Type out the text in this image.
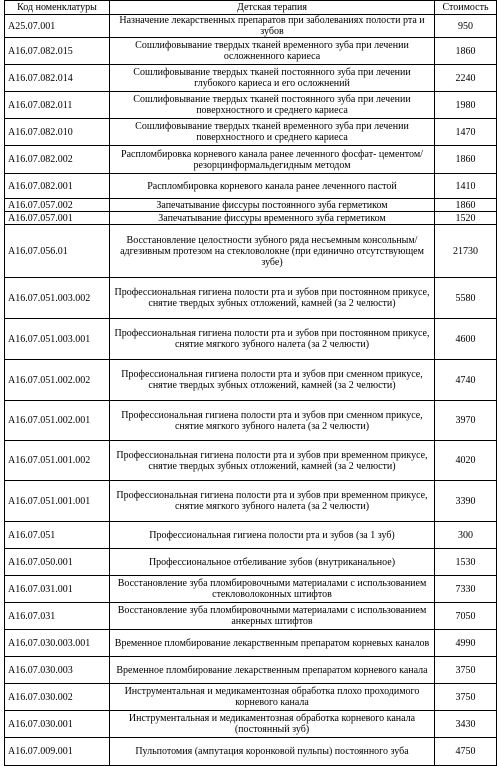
Код номенклатуры	Детская терапия	Стоимость
A25.07.001	Назначение лекарственных препаратов при заболеваниях полости рта и зубов	950
A16.07.082.015	Сошлифовывание твердых тканей временного зуба при лечении осложненного кариеса	1860
A16.07.082.014	Сошлифовывание твердых тканей постоянного зуба при лечении глубокого кариеса и его осложнений	2240
A16.07.082.011	Сошлифовывание твердых тканей постоянного зуба при лечении поверхностного и среднего кариеса	1980
A16.07.082.010	Сошлифовывание твердых тканей временного зуба при лечении поверхностного и среднего кариеса	1470
A16.07.082.002	Распломбировка корневого канала ранее леченного фосфат- цементом/ резорцинформальдегидным методом	1860
A16.07.082.001	Распломбировка корневого канала ранее леченного пастой	1410
A16.07.057.002	Запечатывание фиссуры постоянного зуба герметиком	1860
A16.07.057.001	Запечатывание фиссуры временного зуба герметиком	1520
A16.07.056.01	Восстановление целостности зубного ряда несъемным консольным/адгезивным протезом на стекловолокне (при единично отсутствующем зубе)	21730
A16.07.051.003.002	Профессиональная гигиена полости рта и зубов при постоянном прикусе, снятие твердых зубных отложений, камней (за 2 челюсти)	5580
A16.07.051.003.001	Профессиональная гигиена полости рта и зубов при постоянном прикусе, снятие мягкого зубного налета (за 2 челюсти)	4600
A16.07.051.002.002	Профессиональная гигиена полости рта и зубов при сменном прикусе, снятие твердых зубных отложений, камней (за 2 челюсти)	4740
A16.07.051.002.001	Профессиональная гигиена полости рта и зубов при сменном прикусе, снятие мягкого зубного налета (за 2 челюсти)	3970
A16.07.051.001.002	Профессиональная гигиена полости рта и зубов при временном прикусе, снятие твердых зубных отложений, камней (за 2 челюсти)	4020
A16.07.051.001.001	Профессиональная гигиена полости рта и зубов при временном прикусе, снятие мягкого зубного налета (за 2 челюсти)	3390
A16.07.051	Профессиональная гигиена полости рта и зубов (за 1 зуб)	300
A16.07.050.001	Профессиональное отбеливание зубов (внутриканальное)	1530
A16.07.031.001	Восстановление зуба пломбировочными материалами с использованием стекловолоконных штифтов	7330
A16.07.031	Восстановление зуба пломбировочными материалами с использованием анкерных штифтов	7050
A16.07.030.003.001	Временное пломбирование лекарственным препаратом корневых каналов	4990
A16.07.030.003	Временное пломбирование лекарственным препаратом корневого канала	3750
A16.07.030.002	Инструментальная и медикаментозная обработка плохо проходимого корневого канала	3750
A16.07.030.001	Инструментальная и медикаментозная обработка корневого канала (постоянный зуб)	3430
A16.07.009.001	Пульпотомия (ампутация коронковой пульпы) постоянного зуба	4750
